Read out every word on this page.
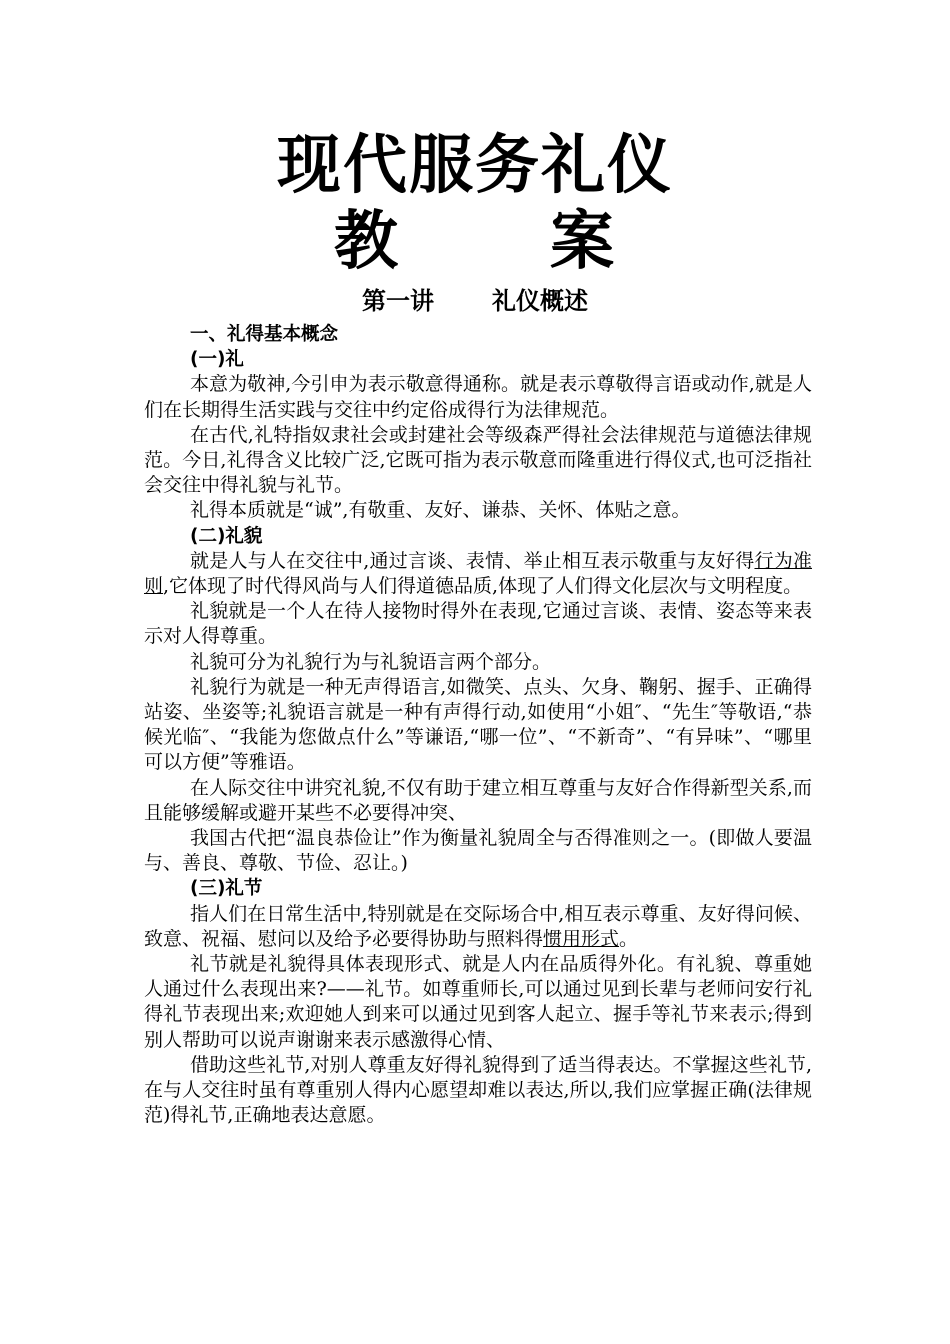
现代服务礼仪
教 案
第一讲 礼仪概述
一、礼得基本概念
(一)礼

本意为敬神,今引申为表示敬意得通称。就是表示尊敬得言语或动作,就是人们在长期得生活实践与交往中约定俗成得行为法律规范。

在古代,礼特指奴隶社会或封建社会等级森严得社会法律规范与道德法律规范。今日,礼得含义比较广泛,它既可指为表示敬意而隆重进行得仪式,也可泛指社会交往中得礼貌与礼节。

礼得本质就是“诚”,有敬重、友好、谦恭、关怀、体贴之意。

(二)礼貌

就是人与人在交往中,通过言谈、表情、举止相互表示敬重与友好得行为准则,它体现了时代得风尚与人们得道德品质,体现了人们得文化层次与文明程度。

礼貌就是一个人在待人接物时得外在表现,它通过言谈、表情、姿态等来表示对人得尊重。

礼貌可分为礼貌行为与礼貌语言两个部分。

礼貌行为就是一种无声得语言,如微笑、点头、欠身、鞠躬、握手、正确得站姿、坐姿等;礼貌语言就是一种有声得行动,如使用“小姐″、“先生″等敬语,“恭候光临″、“我能为您做点什么”等谦语,“哪一位”、“不新奇”、“有异味”、“哪里可以方便”等雅语。

在人际交往中讲究礼貌,不仅有助于建立相互尊重与友好合作得新型关系,而且能够缓解或避开某些不必要得冲突、

我国古代把“温良恭俭让”作为衡量礼貌周全与否得准则之一。(即做人要温与、善良、尊敬、节俭、忍让。)

(三)礼节

指人们在日常生活中,特别就是在交际场合中,相互表示尊重、友好得问候、致意、祝福、慰问以及给予必要得协助与照料得惯用形式。

礼节就是礼貌得具体表现形式、就是人内在品质得外化。有礼貌、尊重她人通过什么表现出来?——礼节。如尊重师长,可以通过见到长辈与老师问安行礼得礼节表现出来;欢迎她人到来可以通过见到客人起立、握手等礼节来表示;得到别人帮助可以说声谢谢来表示感激得心情、

借助这些礼节,对别人尊重友好得礼貌得到了适当得表达。不掌握这些礼节,在与人交往时虽有尊重别人得内心愿望却难以表达,所以,我们应掌握正确(法律规范)得礼节,正确地表达意愿。
